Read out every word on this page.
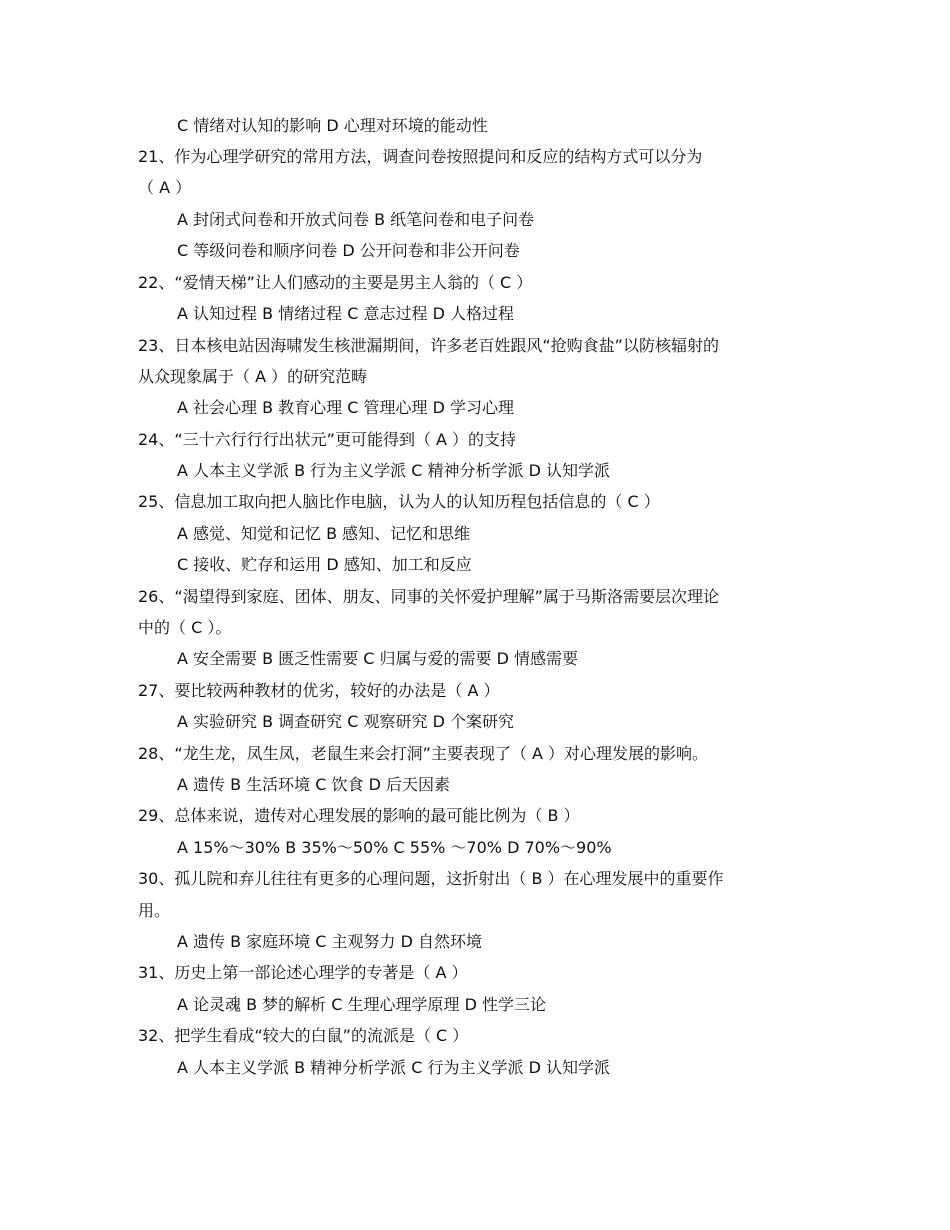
C 情绪对认知的影响 D 心理对环境的能动性
21、作为心理学研究的常用方法，调查问卷按照提问和反应的结构方式可以分为
（ A ）
A 封闭式问卷和开放式问卷 B 纸笔问卷和电子问卷
C 等级问卷和顺序问卷 D 公开问卷和非公开问卷
22、“爱情天梯”让人们感动的主要是男主人翁的（ C ）
A 认知过程 B 情绪过程 C 意志过程 D 人格过程
23、日本核电站因海啸发生核泄漏期间，许多老百姓跟风“抢购食盐”以防核辐射的
从众现象属于（ A ）的研究范畴
A 社会心理 B 教育心理 C 管理心理 D 学习心理
24、“三十六行行行出状元”更可能得到（ A ）的支持
A 人本主义学派 B 行为主义学派 C 精神分析学派 D 认知学派
25、信息加工取向把人脑比作电脑，认为人的认知历程包括信息的（ C ）
A 感觉、知觉和记忆 B 感知、记忆和思维
C 接收、贮存和运用 D 感知、加工和反应
26、“渴望得到家庭、团体、朋友、同事的关怀爱护理解”属于马斯洛需要层次理论
中的（ C ）。
A 安全需要 B 匮乏性需要 C 归属与爱的需要 D 情感需要
27、要比较两种教材的优劣，较好的办法是（ A ）
A 实验研究 B 调查研究 C 观察研究 D 个案研究
28、“龙生龙，凤生凤，老鼠生来会打洞”主要表现了（ A ）对心理发展的影响。
A 遗传 B 生活环境 C 饮食 D 后天因素
29、总体来说，遗传对心理发展的影响的最可能比例为（ B ）
A 15%～30% B 35%～50% C 55% ～70% D 70%～90%
30、孤儿院和弃儿往往有更多的心理问题，这折射出（ B ）在心理发展中的重要作
用。
A 遗传 B 家庭环境 C 主观努力 D 自然环境
31、历史上第一部论述心理学的专著是（ A ）
A 论灵魂 B 梦的解析 C 生理心理学原理 D 性学三论
32、把学生看成“较大的白鼠”的流派是（ C ）
A 人本主义学派 B 精神分析学派 C 行为主义学派 D 认知学派
